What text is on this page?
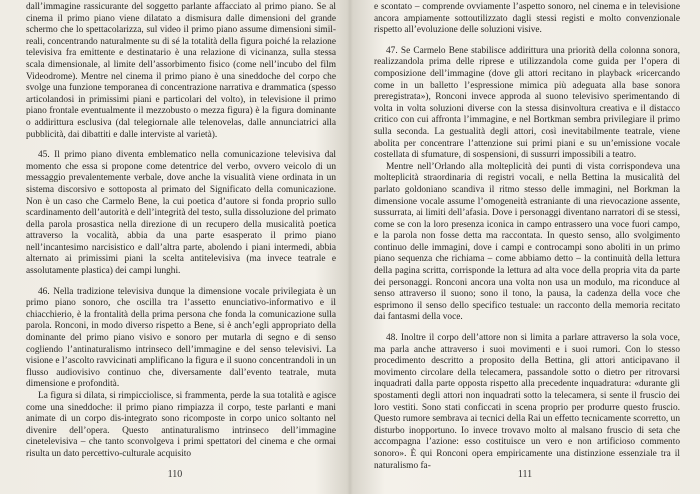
dall’immagine rassicurante del soggetto parlante affacciato al primo piano. Se al cinema il primo piano viene dilatato a dismisura dalle dimensioni del grande schermo che lo spettacolarizza, sul video il primo piano assume dimensioni simil-reali, concentrando naturalmente su di sé la totalità della figura poiché la relazione televisiva fra emittente e destinatario è una relazione di vicinanza, sulla stessa scala dimensionale, al limite dell’assorbimento fisico (come nell’incubo del film Videodrome). Mentre nel cinema il primo piano è una sineddoche del corpo che svolge una funzione temporanea di concentrazione narrativa e drammatica (spesso articolandosi in primissimi piani e particolari del volto), in televisione il primo piano frontale eventualmente il mezzobusto o mezza figura) è la figura dominante o addirittura esclusiva (dal telegiornale alle telenovelas, dalle annunciatrici alla pubblicità, dai dibattiti e dalle interviste al varietà).

45. Il primo piano diventa emblematico nella comunicazione televisiva dal momento che essa si propone come detentrice del verbo, ovvero veicolo di un messaggio prevalentemente verbale, dove anche la visualità viene ordinata in un sistema discorsivo e sottoposta al primato del Significato della comunicazione. Non è un caso che Carmelo Bene, la cui poetica d’autore si fonda proprio sullo scardinamento dell’autorità e dell’integrità del testo, sulla dissoluzione del primato della parola prosastica nella direzione di un recupero della musicalità poetica attraverso la vocalità, abbia da una parte esasperato il primo piano nell’incantesimo narcisistico e dall’altra parte, abolendo i piani intermedi, abbia alternato ai primissimi piani la scelta antitelevisiva (ma invece teatrale e assolutamente plastica) dei campi lunghi.

46. Nella tradizione televisiva dunque la dimensione vocale privilegiata è un primo piano sonoro, che oscilla tra l’assetto enunciativo-informativo e il chiacchierio, è la frontalità della prima persona che fonda la comunicazione sulla parola. Ronconi, in modo diverso rispetto a Bene, si è anch’egli appropriato della dominante del primo piano visivo e sonoro per mutarla di segno e di senso cogliendo l’antinaturalismo intrinseco dell’immagine e del senso televisivi. La visione e l’ascolto ravvicinati amplificano la figura e il suono concentrandoli in un flusso audiovisivo continuo che, diversamente dall’evento teatrale, muta dimensione e profondità.

La figura si dilata, si rimpicciolisce, si frammenta, perde la sua totalità e agisce come una sineddoche: il primo piano rimpiazza il corpo, teste parlanti e mani animate di un corpo dis-integrato sono ricomposte in corpo unico soltanto nel divenire dell’opera. Questo antinaturalismo intrinseco dell’immagine cinetelevisiva – che tanto sconvolgeva i primi spettatori del cinema e che ormai risulta un dato percettivo-culturale acquisito

110

e scontato – comprende ovviamente l’aspetto sonoro, nel cinema e in televisione ancora ampiamente sottoutilizzato dagli stessi registi e molto convenzionale rispetto all’evoluzione delle soluzioni visive.

47. Se Carmelo Bene stabilisce addirittura una priorità della colonna sonora, realizzandola prima delle riprese e utilizzandola come guida per l’opera di composizione dell’immagine (dove gli attori recitano in playback «ricercando come in un balletto l’espressione mimica più adeguata alla base sonora preregistrata»), Ronconi invece approda al suono televisivo sperimentando di volta in volta soluzioni diverse con la stessa disinvoltura creativa e il distacco critico con cui affronta l’immagine, e nel Bortkman sembra privilegiare il primo sulla seconda. La gestualità degli attori, così inevitabilmente teatrale, viene abolita per concentrare l’attenzione sui primi piani e su un’emissione vocale costellata di sfumature, di sospensioni, di sussurri impossibili a teatro.

Mentre nell’Orlando alla molteplicità dei punti di vista corrispondeva una molteplicità straordinaria di registri vocali, e nella Bettina la musicalità del parlato goldoniano scandiva il ritmo stesso delle immagini, nel Borkman la dimensione vocale assume l’omogeneità estraniante di una rievocazione assente, sussurrata, ai limiti dell’afasia. Dove i personaggi diventano narratori di se stessi, come se con la loro presenza iconica in campo entrassero una voce fuori campo, e la parola non fosse detta ma raccontata. In questo senso, allo svolgimento continuo delle immagini, dove i campi e controcampi sono aboliti in un primo piano sequenza che richiama – come abbiamo detto – la continuità della lettura della pagina scritta, corrisponde la lettura ad alta voce della propria vita da parte dei personaggi. Ronconi ancora una volta non usa un modulo, ma riconduce al senso attraverso il suono; sono il tono, la pausa, la cadenza della voce che esprimono il senso dello specifico testuale: un racconto della memoria recitato dai fantasmi della voce.

48. Inoltre il corpo dell’attore non si limita a parlare attraverso la sola voce, ma parla anche attraverso i suoi movimenti e i suoi rumori. Con lo stesso procedimento descritto a proposito della Bettina, gli attori anticipavano il movimento circolare della telecamera, passandole sotto o dietro per ritrovarsi inquadrati dalla parte opposta rispetto alla precedente inquadratura: «durante gli spostamenti degli attori non inquadrati sotto la telecamera, si sente il fruscio dei loro vestiti. Sono stati conficcati in scena proprio per produrre questo fruscio. Questo rumore sembrava ai tecnici della Rai un effetto tecnicamente scorretto, un disturbo inopportuno. Io invece trovavo molto al malsano fruscio di seta che accompagna l’azione: esso costituisce un vero e non artificioso commento sonoro». È qui Ronconi opera empiricamente una distinzione essenziale tra il naturalismo fa-

111
